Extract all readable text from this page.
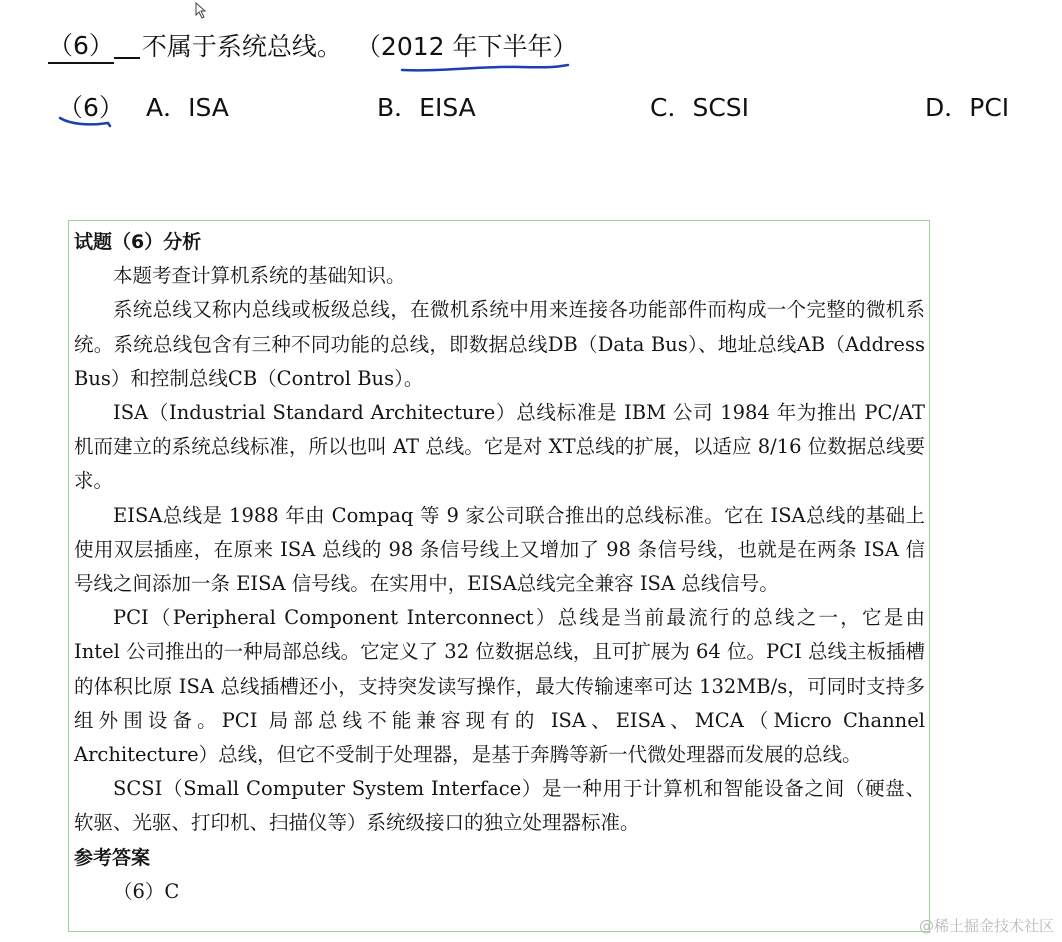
（6） 不属于系统总线。 （2012 年下半年）
（6） A．ISA	B．EISA	C．SCSI	D．PCI

试题（6）分析

本题考查计算机系统的基础知识。

系统总线又称内总线或板级总线，在微机系统中用来连接各功能部件而构成一个完整的微机系统。系统总线包含有三种不同功能的总线，即数据总线DB（Data Bus）、地址总线AB（Address Bus）和控制总线CB（Control Bus）。

ISA（Industrial Standard Architecture）总线标准是 IBM 公司 1984 年为推出 PC/AT 机而建立的系统总线标准，所以也叫 AT 总线。它是对 XT总线的扩展，以适应 8/16 位数据总线要求。

EISA总线是 1988 年由 Compaq 等 9 家公司联合推出的总线标准。它在 ISA总线的基础上使用双层插座，在原来 ISA 总线的 98 条信号线上又增加了 98 条信号线，也就是在两条 ISA 信号线之间添加一条 EISA 信号线。在实用中，EISA总线完全兼容 ISA 总线信号。

PCI（Peripheral Component Interconnect）总线是当前最流行的总线之一，它是由 Intel 公司推出的一种局部总线。它定义了 32 位数据总线，且可扩展为 64 位。PCI 总线主板插槽的体积比原 ISA 总线插槽还小，支持突发读写操作，最大传输速率可达 132MB/s，可同时支持多组外围设备。PCI 局部总线不能兼容现有的 ISA、EISA、MCA（Micro Channel Architecture）总线，但它不受制于处理器，是基于奔腾等新一代微处理器而发展的总线。

SCSI（Small Computer System Interface）是一种用于计算机和智能设备之间（硬盘、软驱、光驱、打印机、扫描仪等）系统级接口的独立处理器标准。

参考答案

（6）C

@稀土掘金技术社区
